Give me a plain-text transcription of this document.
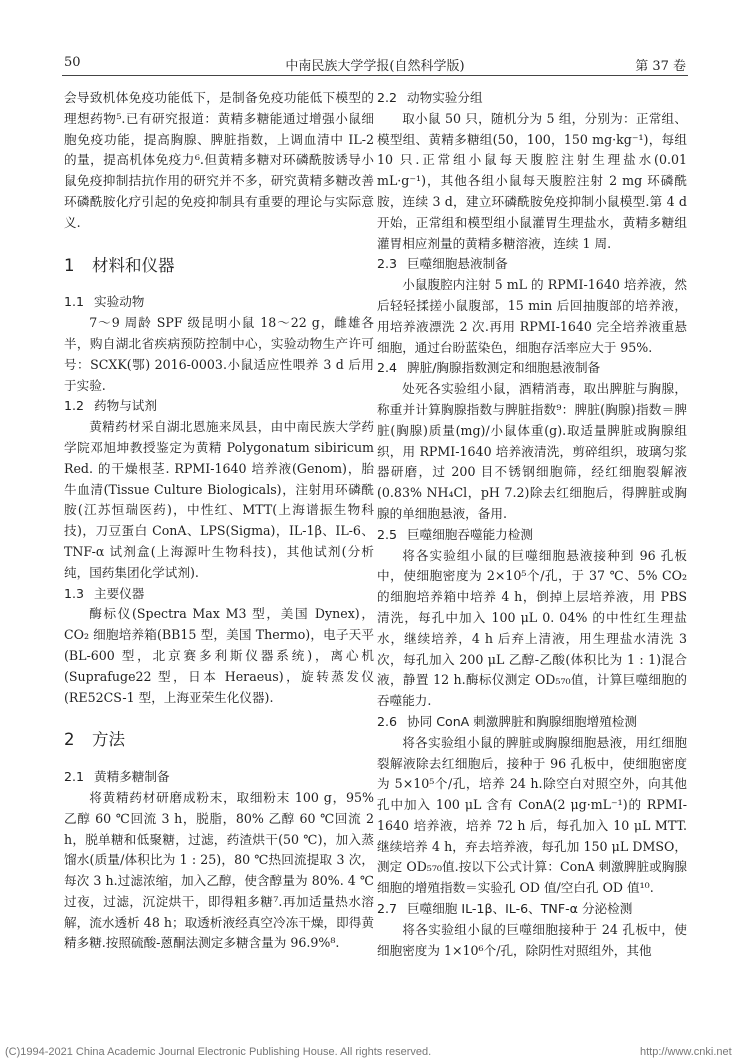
50	中南民族大学学报(自然科学版)	第 37 卷

会导致机体免疫功能低下，是制备免疫功能低下模型的理想药物⁵.已有研究报道：黄精多糖能通过增强小鼠细胞免疫功能，提高胸腺、脾脏指数，上调血清中 IL-2 的量，提高机体免疫力⁶.但黄精多糖对环磷酰胺诱导小鼠免疫抑制拮抗作用的研究并不多，研究黄精多糖改善环磷酰胺化疗引起的免疫抑制具有重要的理论与实际意义.

1 材料和仪器
1.1 实验动物

7～9 周龄 SPF 级昆明小鼠 18～22 g，雌雄各半，购自湖北省疾病预防控制中心，实验动物生产许可号：SCXK(鄂) 2016-0003.小鼠适应性喂养 3 d 后用于实验.

1.2 药物与试剂

黄精药材采自湖北恩施来凤县，由中南民族大学药学院邓旭坤教授鉴定为黄精 Polygonatum sibiricum Red. 的干燥根茎. RPMI-1640 培养液(Genom)，胎牛血清(Tissue Culture Biologicals)，注射用环磷酰胺(江苏恒瑞医药)，中性红、MTT(上海谱振生物科技)，刀豆蛋白 ConA、LPS(Sigma)，IL-1β、IL-6、TNF-α 试剂盒(上海源叶生物科技)，其他试剂(分析纯，国药集团化学试剂).

1.3 主要仪器

酶标仪(Spectra Max M3 型，美国 Dynex)，CO₂ 细胞培养箱(BB15 型，美国 Thermo)，电子天平(BL-600 型，北京赛多利斯仪器系统)，离心机(Suprafuge22 型，日本 Heraeus)，旋转蒸发仪(RE52CS-1 型，上海亚荣生化仪器).

2 方法
2.1 黄精多糖制备

将黄精药材研磨成粉末，取细粉末 100 g，95% 乙醇 60 ℃回流 3 h，脱脂，80% 乙醇 60 ℃回流 2 h，脱单糖和低聚糖，过滤，药渣烘干(50 ℃)，加入蒸馏水(质量/体积比为 1 : 25)，80 ℃热回流提取 3 次，每次 3 h.过滤浓缩，加入乙醇，使含醇量为 80%. 4 ℃过夜，过滤，沉淀烘干，即得粗多糖⁷.再加适量热水溶解，流水透析 48 h；取透析液经真空冷冻干燥，即得黄精多糖.按照硫酸-蒽酮法测定多糖含量为 96.9%⁸.

2.2 动物实验分组

取小鼠 50 只，随机分为 5 组，分别为：正常组、模型组、黄精多糖组(50，100，150 mg·kg⁻¹)，每组 10 只.正常组小鼠每天腹腔注射生理盐水(0.01 mL·g⁻¹)，其他各组小鼠每天腹腔注射 2 mg 环磷酰胺，连续 3 d，建立环磷酰胺免疫抑制小鼠模型.第 4 d 开始，正常组和模型组小鼠灌胃生理盐水，黄精多糖组灌胃相应剂量的黄精多糖溶液，连续 1 周.

2.3 巨噬细胞悬液制备

小鼠腹腔内注射 5 mL 的 RPMI-1640 培养液，然后轻轻揉搓小鼠腹部，15 min 后回抽腹部的培养液，用培养液漂洗 2 次.再用 RPMI-1640 完全培养液重悬细胞，通过台盼蓝染色，细胞存活率应大于 95%.

2.4 脾脏/胸腺指数测定和细胞悬液制备

处死各实验组小鼠，酒精消毒，取出脾脏与胸腺，称重并计算胸腺指数与脾脏指数⁹：脾脏(胸腺)指数＝脾脏(胸腺)质量(mg)/小鼠体重(g).取适量脾脏或胸腺组织，用 RPMI-1640 培养液清洗，剪碎组织，玻璃匀浆器研磨，过 200 目不锈钢细胞筛，经红细胞裂解液(0.83% NH₄Cl，pH 7.2)除去红细胞后，得脾脏或胸腺的单细胞悬液，备用.

2.5 巨噬细胞吞噬能力检测

将各实验组小鼠的巨噬细胞悬液接种到 96 孔板中，使细胞密度为 2×10⁵个/孔，于 37 ℃、5% CO₂ 的细胞培养箱中培养 4 h，倒掉上层培养液，用 PBS 清洗，每孔中加入 100 μL 0. 04% 的中性红生理盐水，继续培养，4 h 后弃上清液，用生理盐水清洗 3 次，每孔加入 200 μL 乙醇-乙酸(体积比为 1 : 1)混合液，静置 12 h.酶标仪测定 OD₅₇₀值，计算巨噬细胞的吞噬能力.

2.6 协同 ConA 刺激脾脏和胸腺细胞增殖检测

将各实验组小鼠的脾脏或胸腺细胞悬液，用红细胞裂解液除去红细胞后，接种于 96 孔板中，使细胞密度为 5×10⁵个/孔，培养 24 h.除空白对照空外，向其他孔中加入 100 μL 含有 ConA(2 μg·mL⁻¹)的 RPMI-1640 培养液，培养 72 h 后，每孔加入 10 μL MTT.继续培养 4 h，弃去培养液，每孔加 150 μL DMSO，测定 OD₅₇₀值.按以下公式计算：ConA 刺激脾脏或胸腺细胞的增殖指数＝实验孔 OD 值/空白孔 OD 值¹⁰.

2.7 巨噬细胞 IL-1β、IL-6、TNF-α 分泌检测

将各实验组小鼠的巨噬细胞接种于 24 孔板中，使细胞密度为 1×10⁶个/孔，除阴性对照组外，其他

(C)1994-2021 China Academic Journal Electronic Publishing House. All rights reserved.	http://www.cnki.net
